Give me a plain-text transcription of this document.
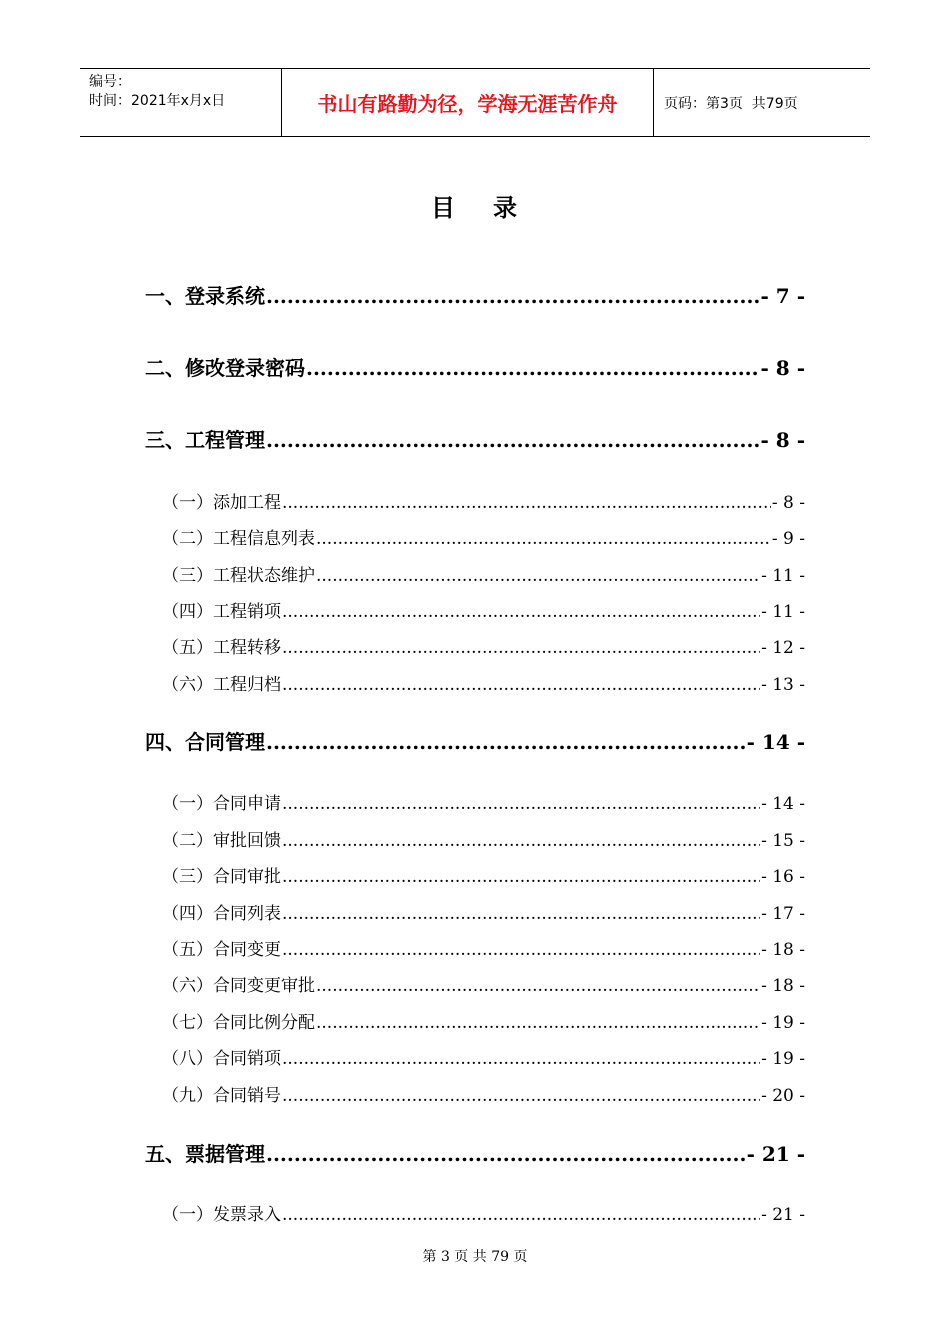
编号：
时间：2021年x月x日	书山有路勤为径，学海无涯苦作舟	页码：第3页  共79页
目 录
一、 登录系统 .....	- 7 -
二、 修改登录密码 .....	- 8 -
三、 工程管理 .....	- 8 -
（一） 添加工程 .....	- 8 -
（二） 工程信息列表 .....	- 9 -
（三） 工程状态维护 .....	- 11 -
（四） 工程销项 .....	- 11 -
（五） 工程转移 .....	- 12 -
（六） 工程归档 .....	- 13 -
四、 合同管理 .....	- 14 -
（一） 合同申请 .....	- 14 -
（二） 审批回馈 .....	- 15 -
（三） 合同审批 .....	- 16 -
（四） 合同列表 .....	- 17 -
（五） 合同变更 .....	- 18 -
（六） 合同变更审批 .....	- 18 -
（七） 合同比例分配 .....	- 19 -
（八） 合同销项 .....	- 19 -
（九） 合同销号 .....	- 20 -
五、 票据管理 .....	- 21 -
（一） 发票录入 .....	- 21 -
第 3 页 共 79 页
